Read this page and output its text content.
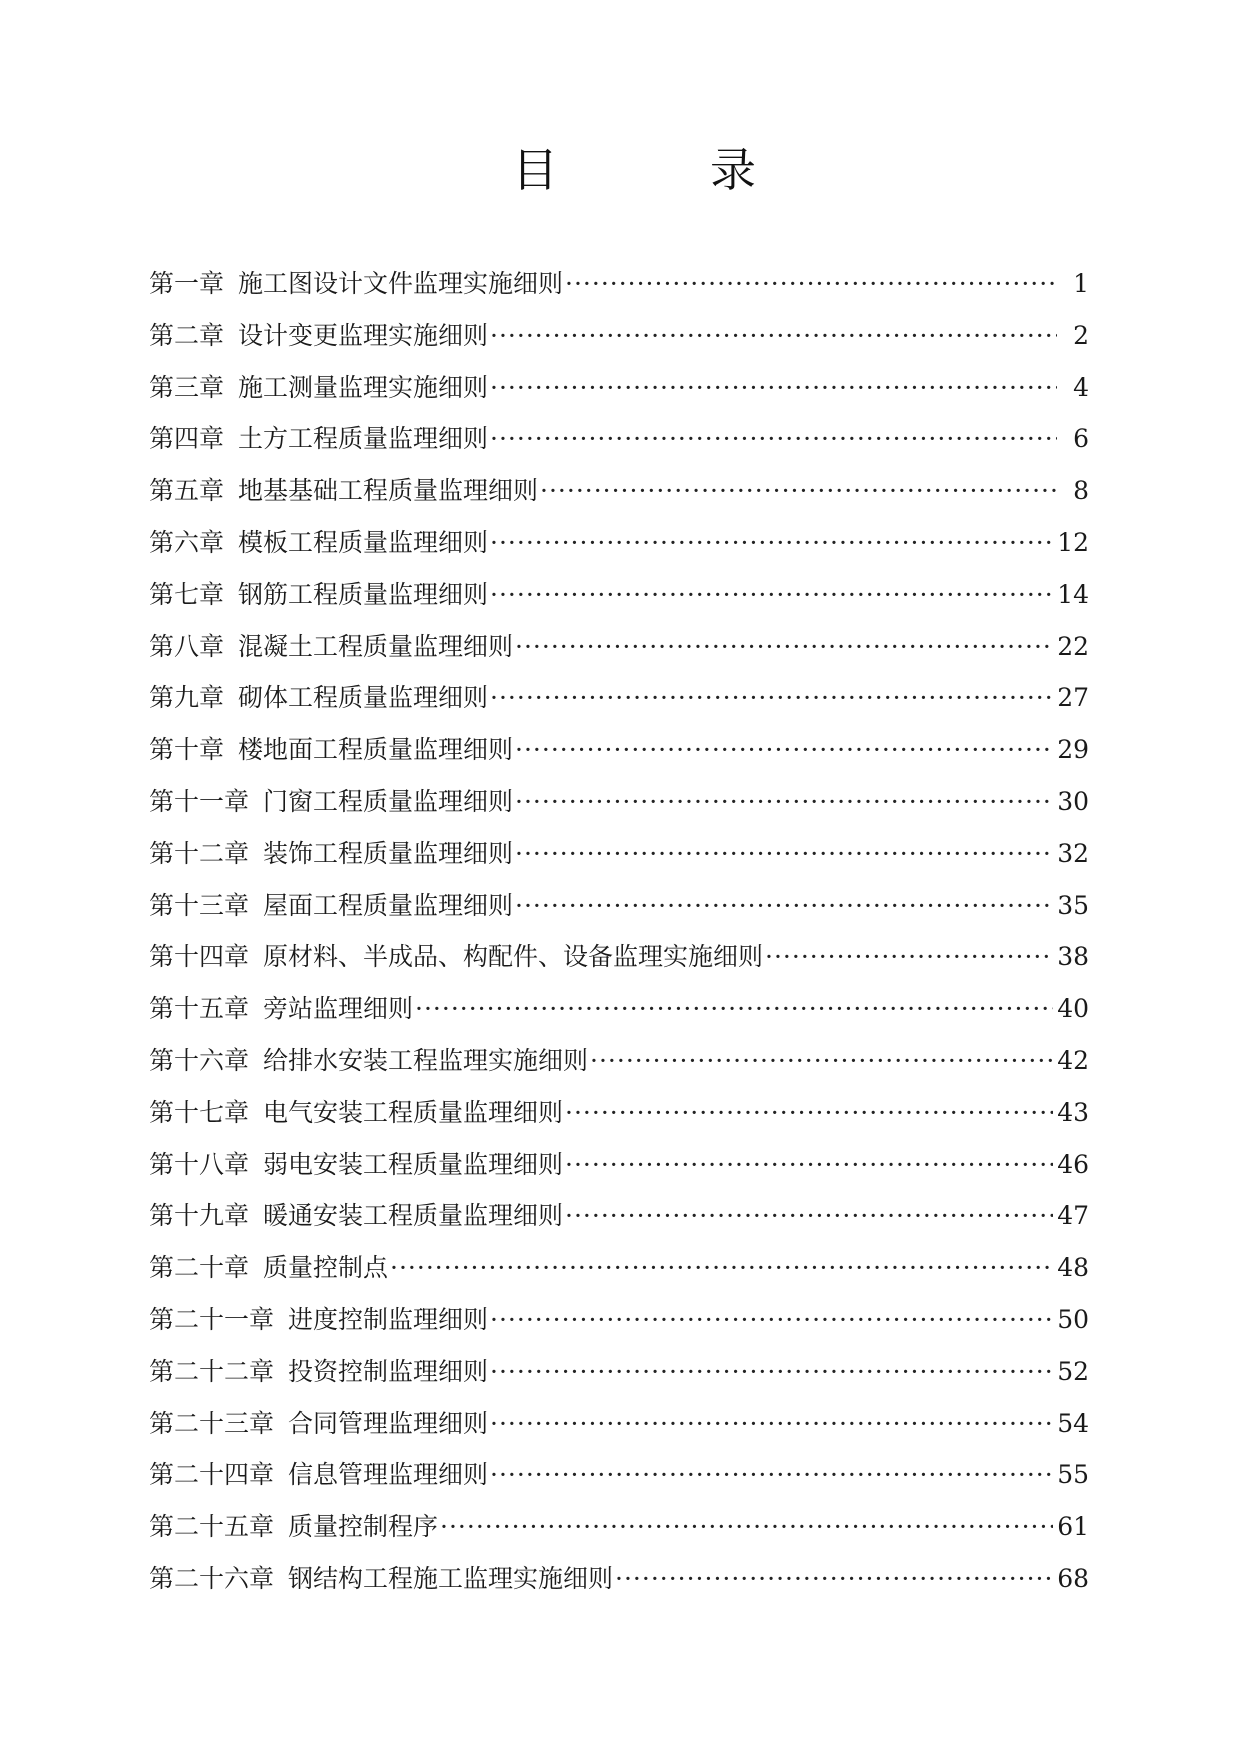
目	录
第一章 施工图设计文件监理实施细则 ·····	1
第二章 设计变更监理实施细则 ·····	2
第三章 施工测量监理实施细则 ·····	4
第四章 土方工程质量监理细则 ·····	6
第五章 地基基础工程质量监理细则 ·····	8
第六章 模板工程质量监理细则 ·····	12
第七章 钢筋工程质量监理细则 ·····	14
第八章 混凝土工程质量监理细则 ·····	22
第九章 砌体工程质量监理细则 ·····	27
第十章 楼地面工程质量监理细则 ·····	29
第十一章 门窗工程质量监理细则 ·····	30
第十二章 装饰工程质量监理细则 ·····	32
第十三章 屋面工程质量监理细则 ·····	35
第十四章 原材料、半成品、构配件、设备监理实施细则 ·····	38
第十五章 旁站监理细则 ·····	40
第十六章 给排水安装工程监理实施细则 ·····	42
第十七章 电气安装工程质量监理细则 ·····	43
第十八章 弱电安装工程质量监理细则 ·····	46
第十九章 暖通安装工程质量监理细则 ·····	47
第二十章 质量控制点 ·····	48
第二十一章 进度控制监理细则 ·····	50
第二十二章 投资控制监理细则 ·····	52
第二十三章 合同管理监理细则 ·····	54
第二十四章 信息管理监理细则 ·····	55
第二十五章 质量控制程序 ·····	61
第二十六章 钢结构工程施工监理实施细则 ·····	68
